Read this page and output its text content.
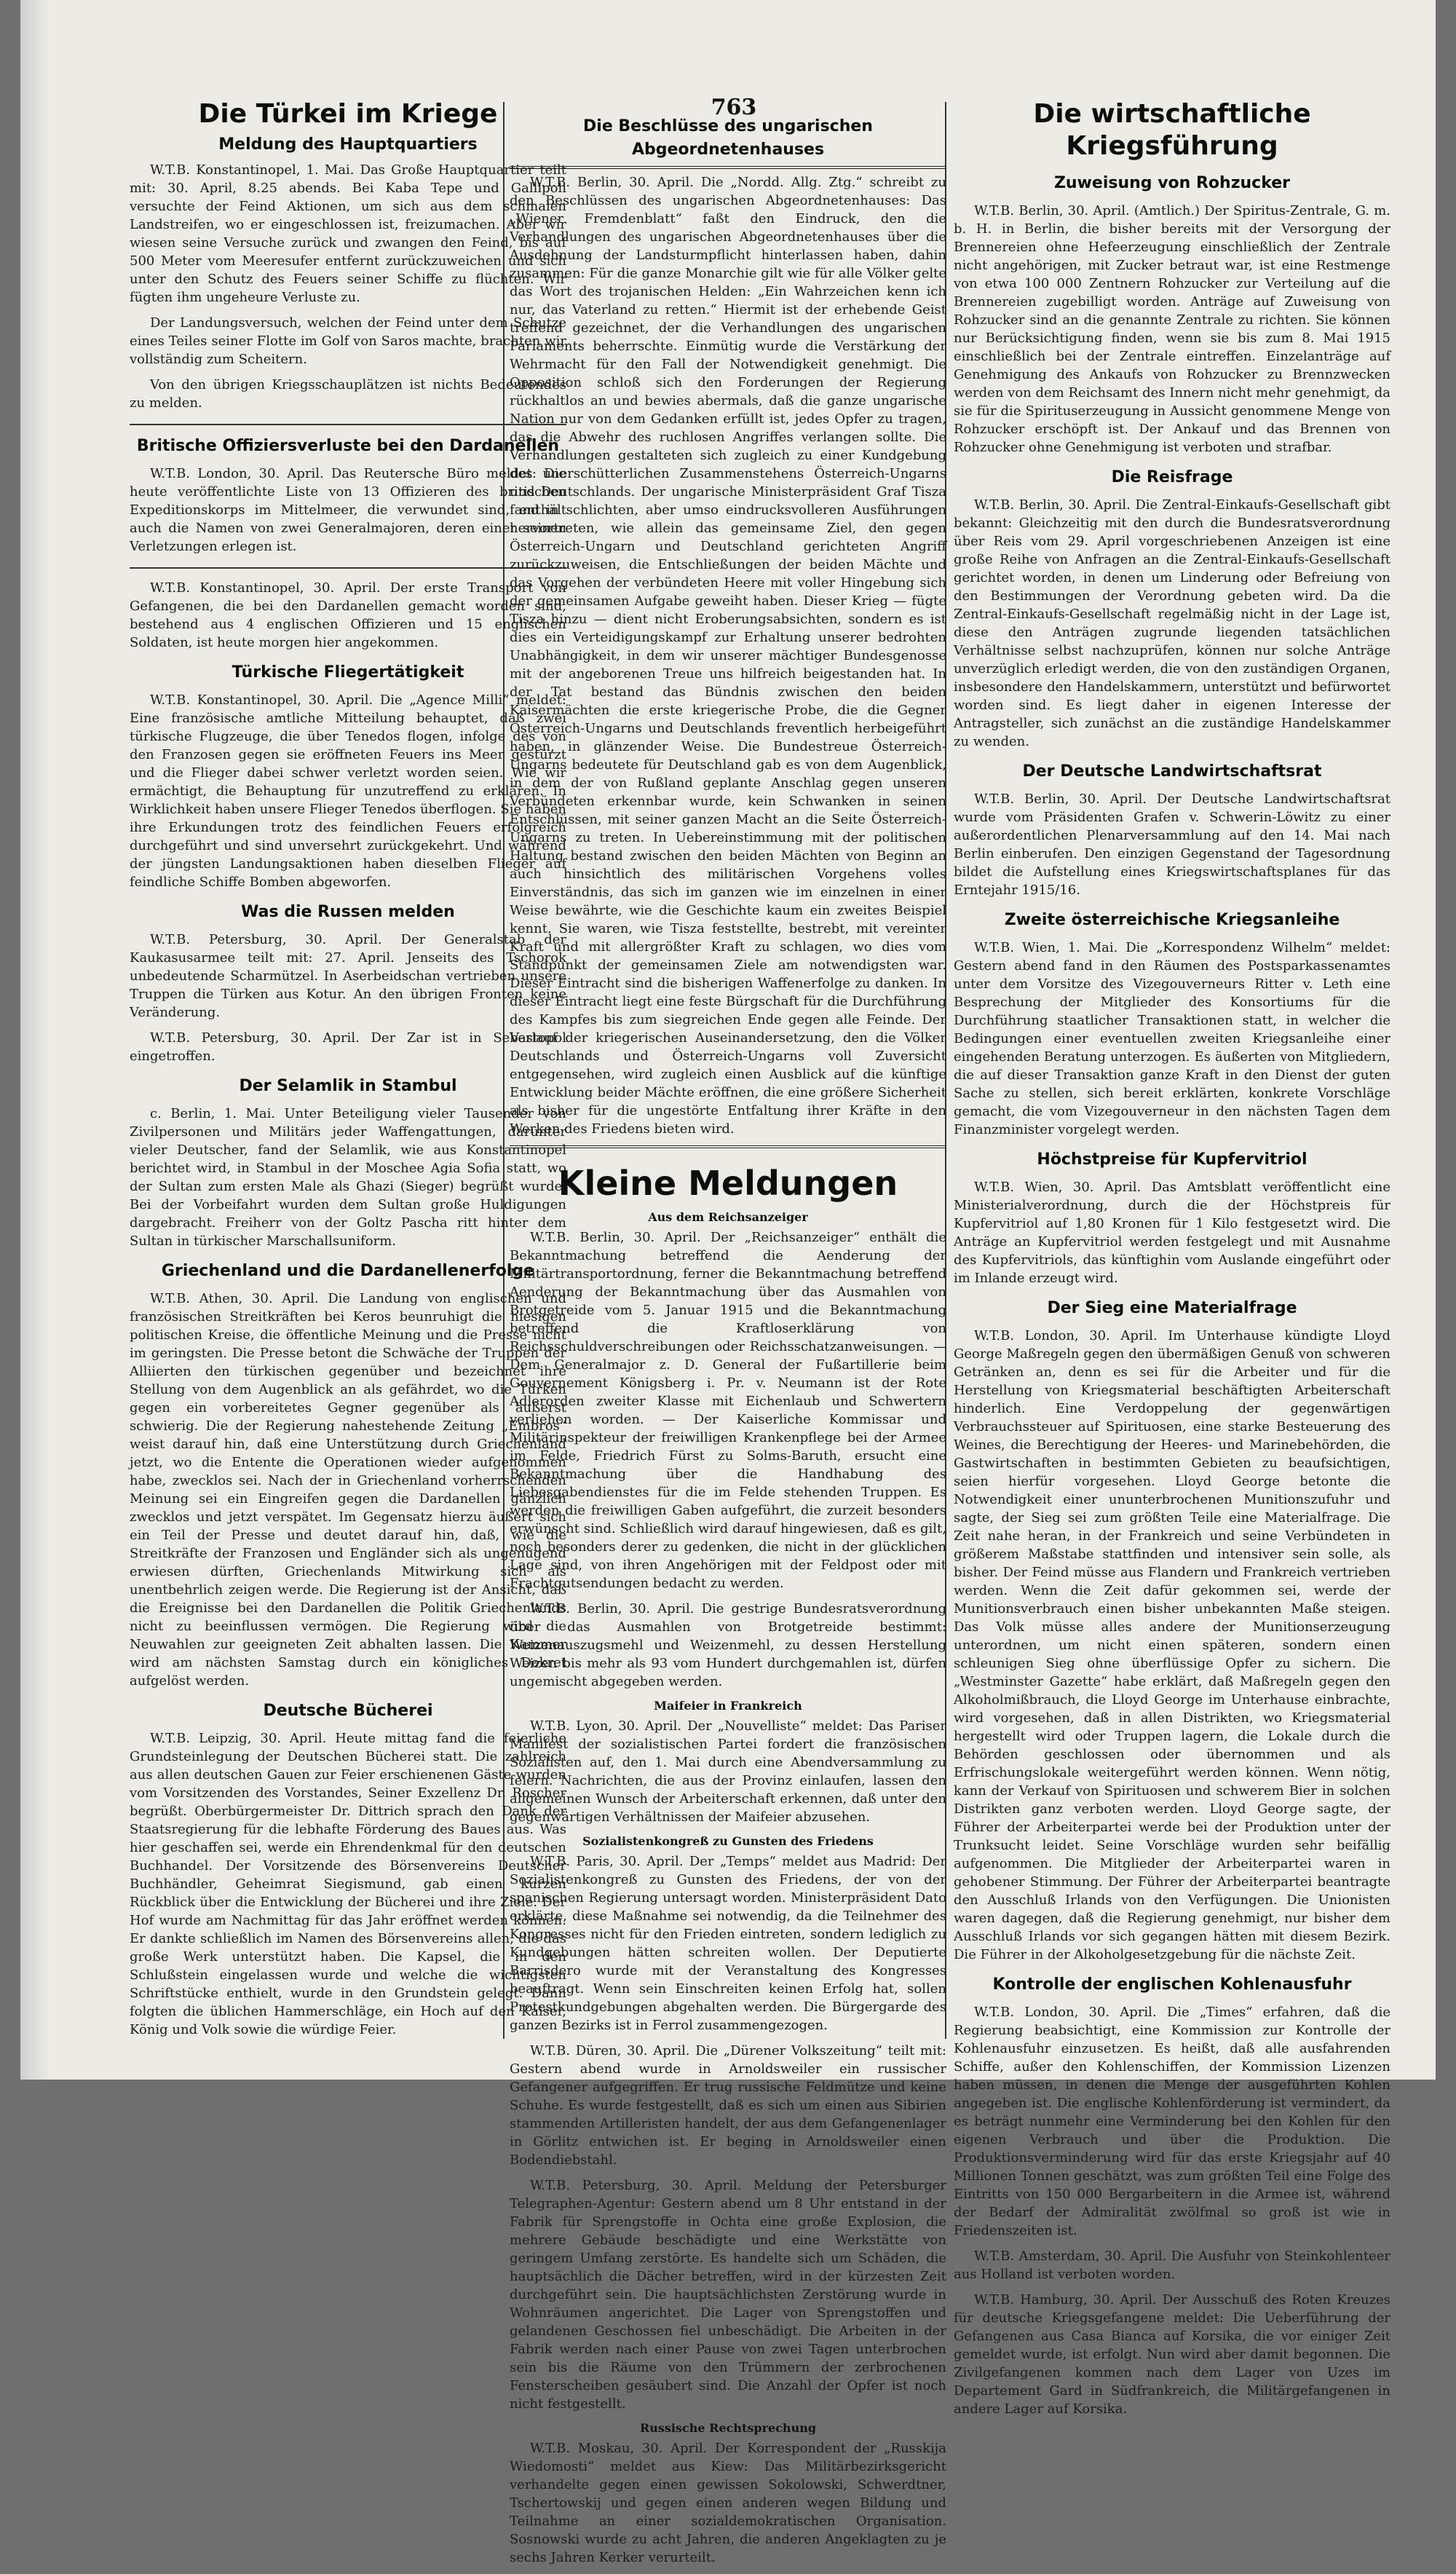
763
Die Türkei im Kriege
Meldung des Hauptquartiers

W.T.B. Konstantinopel, 1. Mai. Das Große Hauptquartier teilt mit: 30. April, 8.25 abends. Bei Kaba Tepe und Gallipoli versuchte der Feind Aktionen, um sich aus dem schmalen Landstreifen, wo er eingeschlossen ist, freizumachen. Aber wir wiesen seine Versuche zurück und zwangen den Feind, bis auf 500 Meter vom Meeresufer entfernt zurückzuweichen und sich unter den Schutz des Feuers seiner Schiffe zu flüchten. Wir fügten ihm ungeheure Verluste zu.

Der Landungsversuch, welchen der Feind unter dem Schutze eines Teiles seiner Flotte im Golf von Saros machte, brachten wir vollständig zum Scheitern.

Von den übrigen Kriegsschauplätzen ist nichts Bedeutendes zu melden.

Britische Offiziersverluste bei den Dardanellen

W.T.B. London, 30. April. Das Reutersche Büro meldet: Die heute veröffentlichte Liste von 13 Offizieren des britischen Expeditionskorps im Mittelmeer, die verwundet sind, enthält auch die Namen von zwei Generalmajoren, deren einer seinen Verletzungen erlegen ist.

W.T.B. Konstantinopel, 30. April. Der erste Transport von Gefangenen, die bei den Dardanellen gemacht worden sind, bestehend aus 4 englischen Offizieren und 15 englischen Soldaten, ist heute morgen hier angekommen.

Türkische Fliegertätigkeit

W.T.B. Konstantinopel, 30. April. Die „Agence Milli“ meldet: Eine französische amtliche Mitteilung behauptet, daß zwei türkische Flugzeuge, die über Tenedos flogen, infolge des von den Franzosen gegen sie eröffneten Feuers ins Meer gestürzt und die Flieger dabei schwer verletzt worden seien. Wie wir ermächtigt, die Behauptung für unzutreffend zu erklären. In Wirklichkeit haben unsere Flieger Tenedos überflogen. Sie haben ihre Erkundungen trotz des feindlichen Feuers erfolgreich durchgeführt und sind unversehrt zurückgekehrt. Und während der jüngsten Landungsaktionen haben dieselben Flieger auf feindliche Schiffe Bomben abgeworfen.

Was die Russen melden

W.T.B. Petersburg, 30. April. Der Generalstab der Kaukasusarmee teilt mit: 27. April. Jenseits des Tschorok unbedeutende Scharmützel. In Aserbeidschan vertrieben unsere Truppen die Türken aus Kotur. An den übrigen Fronten keine Veränderung.

W.T.B. Petersburg, 30. April. Der Zar ist in Sebastopol eingetroffen.

Der Selamlik in Stambul

c. Berlin, 1. Mai. Unter Beteiligung vieler Tausender von Zivilpersonen und Militärs jeder Waffengattungen, darunter vieler Deutscher, fand der Selamlik, wie aus Konstantinopel berichtet wird, in Stambul in der Moschee Agia Sofia statt, wo der Sultan zum ersten Male als Ghazi (Sieger) begrüßt wurde. Bei der Vorbeifahrt wurden dem Sultan große Huldigungen dargebracht. Freiherr von der Goltz Pascha ritt hinter dem Sultan in türkischer Marschallsuniform.

Griechenland und die Dardanellenerfolge

W.T.B. Athen, 30. April. Die Landung von englischen und französischen Streitkräften bei Keros beunruhigt die hiesigen politischen Kreise, die öffentliche Meinung und die Presse nicht im geringsten. Die Presse betont die Schwäche der Truppen der Alliierten den türkischen gegenüber und bezeichnet ihre Stellung von dem Augenblick an als gefährdet, wo die Türken gegen ein vorbereitetes Gegner gegenüber als äußerst schwierig. Die der Regierung nahestehende Zeitung „Embros“ weist darauf hin, daß eine Unterstützung durch Griechenland jetzt, wo die Entente die Operationen wieder aufgenommen habe, zwecklos sei. Nach der in Griechenland vorherrschenden Meinung sei ein Eingreifen gegen die Dardanellen gänzlich zwecklos und jetzt verspätet. Im Gegensatz hierzu äußert sich ein Teil der Presse und deutet darauf hin, daß, wie die Streitkräfte der Franzosen und Engländer sich als ungenügend erwiesen dürften, Griechenlands Mitwirkung sich als unentbehrlich zeigen werde. Die Regierung ist der Ansicht, daß die Ereignisse bei den Dardanellen die Politik Griechenlands nicht zu beeinflussen vermögen. Die Regierung wird die Neuwahlen zur geeigneten Zeit abhalten lassen. Die Kammer wird am nächsten Samstag durch ein königliches Dekret aufgelöst werden.

Deutsche Bücherei

W.T.B. Leipzig, 30. April. Heute mittag fand die feierliche Grundsteinlegung der Deutschen Bücherei statt. Die zahlreich aus allen deutschen Gauen zur Feier erschienenen Gäste wurden vom Vorsitzenden des Vorstandes, Seiner Exzellenz Dr. Roscher begrüßt. Oberbürgermeister Dr. Dittrich sprach den Dank der Staatsregierung für die lebhafte Förderung des Baues aus. Was hier geschaffen sei, werde ein Ehrendenkmal für den deutschen Buchhandel. Der Vorsitzende des Börsenvereins Deutscher Buchhändler, Geheimrat Siegismund, gab einen kurzen Rückblick über die Entwicklung der Bücherei und ihre Ziele. Der Hof wurde am Nachmittag für das Jahr eröffnet werden können. Er dankte schließlich im Namen des Börsenvereins allen, die das große Werk unterstützt haben. Die Kapsel, die in den Schlußstein eingelassen wurde und welche die wichtigsten Schriftstücke enthielt, wurde in den Grundstein gelegt. Dann folgten die üblichen Hammerschläge, ein Hoch auf den Kaiser, König und Volk sowie die würdige Feier.

Die Beschlüsse des ungarischen Abgeordnetenhauses

W.T.B. Berlin, 30. April. Die „Nordd. Allg. Ztg.“ schreibt zu den Beschlüssen des ungarischen Abgeordnetenhauses: Das „Wiener Fremdenblatt“ faßt den Eindruck, den die Verhandlungen des ungarischen Abgeordnetenhauses über die Ausdehnung der Landsturmpflicht hinterlassen haben, dahin zusammen: Für die ganze Monarchie gilt wie für alle Völker gelte das Wort des trojanischen Helden: „Ein Wahrzeichen kenn ich nur, das Vaterland zu retten.“ Hiermit ist der erhebende Geist treffend gezeichnet, der die Verhandlungen des ungarischen Parlaments beherrschte. Einmütig wurde die Verstärkung der Wehrmacht für den Fall der Notwendigkeit genehmigt. Die Opposition schloß sich den Forderungen der Regierung rückhaltlos an und bewies abermals, daß die ganze ungarische Nation nur von dem Gedanken erfüllt ist, jedes Opfer zu tragen, das die Abwehr des ruchlosen Angriffes verlangen sollte. Die Verhandlungen gestalteten sich zugleich zu einer Kundgebung des unerschütterlichen Zusammenstehens Österreich-Ungarns und Deutschlands. Der ungarische Ministerpräsident Graf Tisza fand in schlichten, aber umso eindrucksvolleren Ausführungen hervortreten, wie allein das gemeinsame Ziel, den gegen Österreich-Ungarn und Deutschland gerichteten Angriff zurückzuweisen, die Entschließungen der beiden Mächte und das Vorgehen der verbündeten Heere mit voller Hingebung sich der gemeinsamen Aufgabe geweiht haben. Dieser Krieg — fügte Tisza hinzu — dient nicht Eroberungsabsichten, sondern es ist dies ein Verteidigungskampf zur Erhaltung unserer bedrohten Unabhängigkeit, in dem wir unserer mächtiger Bundesgenosse mit der angeborenen Treue uns hilfreich beigestanden hat. In der Tat bestand das Bündnis zwischen den beiden Kaisermächten die erste kriegerische Probe, die die Gegner Österreich-Ungarns und Deutschlands freventlich herbeigeführt haben, in glänzender Weise. Die Bundestreue Österreich-Ungarns bedeutete für Deutschland gab es von dem Augenblick, in dem der von Rußland geplante Anschlag gegen unseren Verbündeten erkennbar wurde, kein Schwanken in seinen Entschlüssen, mit seiner ganzen Macht an die Seite Österreich-Ungarns zu treten. In Uebereinstimmung mit der politischen Haltung bestand zwischen den beiden Mächten von Beginn an auch hinsichtlich des militärischen Vorgehens volles Einverständnis, das sich im ganzen wie im einzelnen in einer Weise bewährte, wie die Geschichte kaum ein zweites Beispiel kennt. Sie waren, wie Tisza feststellte, bestrebt, mit vereinter Kraft und mit allergrößter Kraft zu schlagen, wo dies vom Standpunkt der gemeinsamen Ziele am notwendigsten war. Dieser Eintracht sind die bisherigen Waffenerfolge zu danken. In dieser Eintracht liegt eine feste Bürgschaft für die Durchführung des Kampfes bis zum siegreichen Ende gegen alle Feinde. Der Verlauf der kriegerischen Auseinandersetzung, den die Völker Deutschlands und Österreich-Ungarns voll Zuversicht entgegensehen, wird zugleich einen Ausblick auf die künftige Entwicklung beider Mächte eröffnen, die eine größere Sicherheit als bisher für die ungestörte Entfaltung ihrer Kräfte in den Werken des Friedens bieten wird.

Kleine Meldungen
Aus dem Reichsanzeiger

W.T.B. Berlin, 30. April. Der „Reichsanzeiger“ enthält die Bekanntmachung betreffend die Aenderung der Militärtransportordnung, ferner die Bekanntmachung betreffend Aenderung der Bekanntmachung über das Ausmahlen von Brotgetreide vom 5. Januar 1915 und die Bekanntmachung betreffend die Kraftloserklärung von Reichsschuldverschreibungen oder Reichsschatzanweisungen. — Dem Generalmajor z. D. General der Fußartillerie beim Gouvernement Königsberg i. Pr. v. Neumann ist der Rote Adlerorden zweiter Klasse mit Eichenlaub und Schwertern verliehen worden. — Der Kaiserliche Kommissar und Militärinspekteur der freiwilligen Krankenpflege bei der Armee im Felde, Friedrich Fürst zu Solms-Baruth, ersucht eine Bekanntmachung über die Handhabung des Liebesgabendienstes für die im Felde stehenden Truppen. Es werden die freiwilligen Gaben aufgeführt, die zurzeit besonders erwünscht sind. Schließlich wird darauf hingewiesen, daß es gilt, noch besonders derer zu gedenken, die nicht in der glücklichen Lage sind, von ihren Angehörigen mit der Feldpost oder mit Frachtgutsendungen bedacht zu werden.

W.T.B. Berlin, 30. April. Die gestrige Bundesratsverordnung über das Ausmahlen von Brotgetreide bestimmt: Weizenauszugsmehl und Weizenmehl, zu dessen Herstellung Weizen bis mehr als 93 vom Hundert durchgemahlen ist, dürfen ungemischt abgegeben werden.

Maifeier in Frankreich

W.T.B. Lyon, 30. April. Der „Nouvelliste“ meldet: Das Pariser Manifest der sozialistischen Partei fordert die französischen Sozialisten auf, den 1. Mai durch eine Abendversammlung zu feiern. Nachrichten, die aus der Provinz einlaufen, lassen den allgemeinen Wunsch der Arbeiterschaft erkennen, daß unter den gegenwärtigen Verhältnissen der Maifeier abzusehen.

Sozialistenkongreß zu Gunsten des Friedens

W.T.B. Paris, 30. April. Der „Temps“ meldet aus Madrid: Der Sozialistenkongreß zu Gunsten des Friedens, der von der spanischen Regierung untersagt worden. Ministerpräsident Dato erklärte, diese Maßnahme sei notwendig, da die Teilnehmer des Kongresses nicht für den Frieden eintreten, sondern lediglich zu Kundgebungen hätten schreiten wollen. Der Deputierte Barrisdero wurde mit der Veranstaltung des Kongresses beauftragt. Wenn sein Einschreiten keinen Erfolg hat, sollen Protestkundgebungen abgehalten werden. Die Bürgergarde des ganzen Bezirks ist in Ferrol zusammengezogen.

W.T.B. Düren, 30. April. Die „Dürener Volkszeitung“ teilt mit: Gestern abend wurde in Arnoldsweiler ein russischer Gefangener aufgegriffen. Er trug russische Feldmütze und keine Schuhe. Es wurde festgestellt, daß es sich um einen aus Sibirien stammenden Artilleristen handelt, der aus dem Gefangenenlager in Görlitz entwichen ist. Er beging in Arnoldsweiler einen Bodendiebstahl.

W.T.B. Petersburg, 30. April. Meldung der Petersburger Telegraphen-Agentur: Gestern abend um 8 Uhr entstand in der Fabrik für Sprengstoffe in Ochta eine große Explosion, die mehrere Gebäude beschädigte und eine Werkstätte von geringem Umfang zerstörte. Es handelte sich um Schäden, die hauptsächlich die Dächer betreffen, wird in der kürzesten Zeit durchgeführt sein. Die hauptsächlichsten Zerstörung wurde in Wohnräumen angerichtet. Die Lager von Sprengstoffen und gelandenen Geschossen fiel unbeschädigt. Die Arbeiten in der Fabrik werden nach einer Pause von zwei Tagen unterbrochen sein bis die Räume von den Trümmern der zerbrochenen Fensterscheiben gesäubert sind. Die Anzahl der Opfer ist noch nicht festgestellt.

Russische Rechtsprechung

W.T.B. Moskau, 30. April. Der Korrespondent der „Russkija Wiedomosti“ meldet aus Kiew: Das Militärbezirksgericht verhandelte gegen einen gewissen Sokolowski, Schwerdtner, Tschertowskij und gegen einen anderen wegen Bildung und Teilnahme an einer sozialdemokratischen Organisation. Sosnowski wurde zu acht Jahren, die anderen Angeklagten zu je sechs Jahren Kerker verurteilt.

Die wirtschaftliche Kriegsführung
Zuweisung von Rohzucker

W.T.B. Berlin, 30. April. (Amtlich.) Der Spiritus-Zentrale, G. m. b. H. in Berlin, die bisher bereits mit der Versorgung der Brennereien ohne Hefeerzeugung einschließlich der Zentrale nicht angehörigen, mit Zucker betraut war, ist eine Restmenge von etwa 100 000 Zentnern Rohzucker zur Verteilung auf die Brennereien zugebilligt worden. Anträge auf Zuweisung von Rohzucker sind an die genannte Zentrale zu richten. Sie können nur Berücksichtigung finden, wenn sie bis zum 8. Mai 1915 einschließlich bei der Zentrale eintreffen. Einzelanträge auf Genehmigung des Ankaufs von Rohzucker zu Brennzwecken werden von dem Reichsamt des Innern nicht mehr genehmigt, da sie für die Spirituserzeugung in Aussicht genommene Menge von Rohzucker erschöpft ist. Der Ankauf und das Brennen von Rohzucker ohne Genehmigung ist verboten und strafbar.

Die Reisfrage

W.T.B. Berlin, 30. April. Die Zentral-Einkaufs-Gesellschaft gibt bekannt: Gleichzeitig mit den durch die Bundesratsverordnung über Reis vom 29. April vorgeschriebenen Anzeigen ist eine große Reihe von Anfragen an die Zentral-Einkaufs-Gesellschaft gerichtet worden, in denen um Linderung oder Befreiung von den Bestimmungen der Verordnung gebeten wird. Da die Zentral-Einkaufs-Gesellschaft regelmäßig nicht in der Lage ist, diese den Anträgen zugrunde liegenden tatsächlichen Verhältnisse selbst nachzuprüfen, können nur solche Anträge unverzüglich erledigt werden, die von den zuständigen Organen, insbesondere den Handelskammern, unterstützt und befürwortet worden sind. Es liegt daher in eigenen Interesse der Antragsteller, sich zunächst an die zuständige Handelskammer zu wenden.

Der Deutsche Landwirtschaftsrat

W.T.B. Berlin, 30. April. Der Deutsche Landwirtschaftsrat wurde vom Präsidenten Grafen v. Schwerin-Löwitz zu einer außerordentlichen Plenarversammlung auf den 14. Mai nach Berlin einberufen. Den einzigen Gegenstand der Tagesordnung bildet die Aufstellung eines Kriegswirtschaftsplanes für das Erntejahr 1915/16.

Zweite österreichische Kriegsanleihe

W.T.B. Wien, 1. Mai. Die „Korrespondenz Wilhelm“ meldet: Gestern abend fand in den Räumen des Postsparkassenamtes unter dem Vorsitze des Vizegouverneurs Ritter v. Leth eine Besprechung der Mitglieder des Konsortiums für die Durchführung staatlicher Transaktionen statt, in welcher die Bedingungen einer eventuellen zweiten Kriegsanleihe einer eingehenden Beratung unterzogen. Es äußerten von Mitgliedern, die auf dieser Transaktion ganze Kraft in den Dienst der guten Sache zu stellen, sich bereit erklärten, konkrete Vorschläge gemacht, die vom Vizegouverneur in den nächsten Tagen dem Finanzminister vorgelegt werden.

Höchstpreise für Kupfervitriol

W.T.B. Wien, 30. April. Das Amtsblatt veröffentlicht eine Ministerialverordnung, durch die der Höchstpreis für Kupfervitriol auf 1,80 Kronen für 1 Kilo festgesetzt wird. Die Anträge an Kupfervitriol werden festgelegt und mit Ausnahme des Kupfervitriols, das künftighin vom Auslande eingeführt oder im Inlande erzeugt wird.

Der Sieg eine Materialfrage

W.T.B. London, 30. April. Im Unterhause kündigte Lloyd George Maßregeln gegen den übermäßigen Genuß von schweren Getränken an, denn es sei für die Arbeiter und für die Herstellung von Kriegsmaterial beschäftigten Arbeiterschaft hinderlich. Eine Verdoppelung der gegenwärtigen Verbrauchssteuer auf Spirituosen, eine starke Besteuerung des Weines, die Berechtigung der Heeres- und Marinebehörden, die Gastwirtschaften in bestimmten Gebieten zu beaufsichtigen, seien hierfür vorgesehen. Lloyd George betonte die Notwendigkeit einer ununterbrochenen Munitionszufuhr und sagte, der Sieg sei zum größten Teile eine Materialfrage. Die Zeit nahe heran, in der Frankreich und seine Verbündeten in größerem Maßstabe stattfinden und intensiver sein solle, als bisher. Der Feind müsse aus Flandern und Frankreich vertrieben werden. Wenn die Zeit dafür gekommen sei, werde der Munitionsverbrauch einen bisher unbekannten Maße steigen. Das Volk müsse alles andere der Munitionserzeugung unterordnen, um nicht einen späteren, sondern einen schleunigen Sieg ohne überflüssige Opfer zu sichern. Die „Westminster Gazette“ habe erklärt, daß Maßregeln gegen den Alkoholmißbrauch, die Lloyd George im Unterhause einbrachte, wird vorgesehen, daß in allen Distrikten, wo Kriegsmaterial hergestellt wird oder Truppen lagern, die Lokale durch die Behörden geschlossen oder übernommen und als Erfrischungslokale weitergeführt werden können. Wenn nötig, kann der Verkauf von Spirituosen und schwerem Bier in solchen Distrikten ganz verboten werden. Lloyd George sagte, der Führer der Arbeiterpartei werde bei der Produktion unter der Trunksucht leidet. Seine Vorschläge wurden sehr beifällig aufgenommen. Die Mitglieder der Arbeiterpartei waren in gehobener Stimmung. Der Führer der Arbeiterpartei beantragte den Ausschluß Irlands von den Verfügungen. Die Unionisten waren dagegen, daß die Regierung genehmigt, nur bisher dem Ausschluß Irlands vor sich gegangen hätten mit diesem Bezirk. Die Führer in der Alkoholgesetzgebung für die nächste Zeit.

Kontrolle der englischen Kohlenausfuhr

W.T.B. London, 30. April. Die „Times“ erfahren, daß die Regierung beabsichtigt, eine Kommission zur Kontrolle der Kohlenausfuhr einzusetzen. Es heißt, daß alle ausfahrenden Schiffe, außer den Kohlenschiffen, der Kommission Lizenzen haben müssen, in denen die Menge der ausgeführten Kohlen angegeben ist. Die englische Kohlenförderung ist vermindert, da es beträgt nunmehr eine Verminderung bei den Kohlen für den eigenen Verbrauch und über die Produktion. Die Produktionsverminderung wird für das erste Kriegsjahr auf 40 Millionen Tonnen geschätzt, was zum größten Teil eine Folge des Eintritts von 150 000 Bergarbeitern in die Armee ist, während der Bedarf der Admiralität zwölfmal so groß ist wie in Friedenszeiten ist.

W.T.B. Amsterdam, 30. April. Die Ausfuhr von Steinkohlenteer aus Holland ist verboten worden.

W.T.B. Hamburg, 30. April. Der Ausschuß des Roten Kreuzes für deutsche Kriegsgefangene meldet: Die Ueberführung der Gefangenen aus Casa Bianca auf Korsika, die vor einiger Zeit gemeldet wurde, ist erfolgt. Nun wird aber damit begonnen. Die Zivilgefangenen kommen nach dem Lager von Uzes im Departement Gard in Südfrankreich, die Militärgefangenen in andere Lager auf Korsika.
